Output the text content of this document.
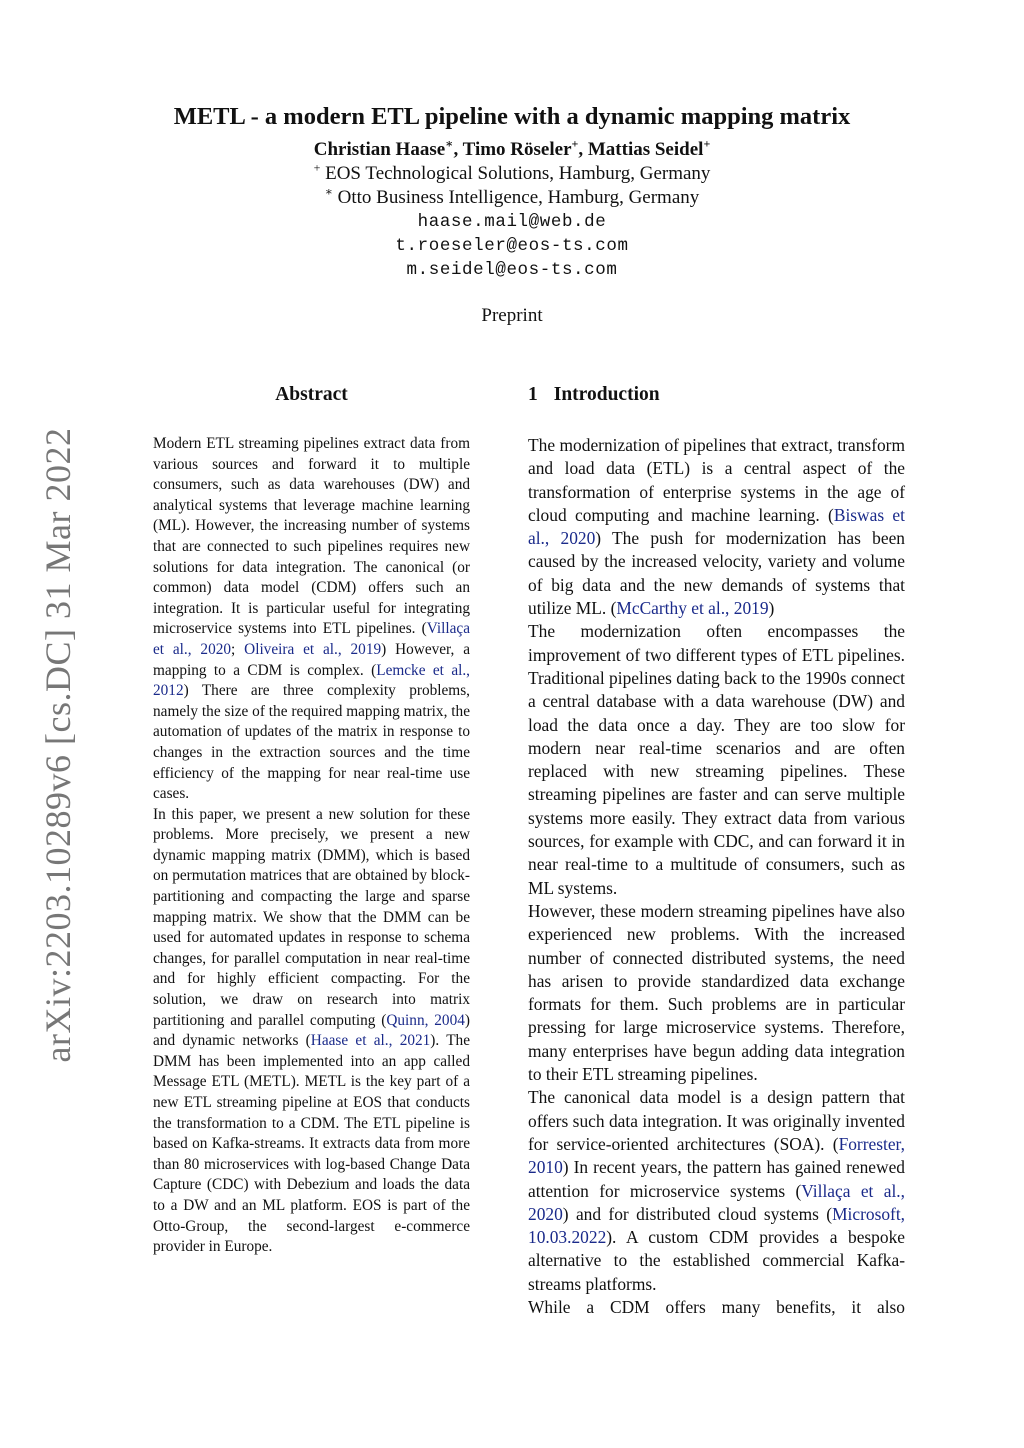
arXiv:2203.10289v6 [cs.DC] 31 Mar 2022
METL - a modern ETL pipeline with a dynamic mapping matrix
Christian Haase∗, Timo Röseler+, Mattias Seidel+
+ EOS Technological Solutions, Hamburg, Germany
∗ Otto Business Intelligence, Hamburg, Germany
haase.mail@web.de
t.roeseler@eos-ts.com
m.seidel@eos-ts.com
Preprint
Abstract

Modern ETL streaming pipelines extract data from various sources and forward it to multiple consumers, such as data warehouses (DW) and analytical systems that leverage machine learning (ML). However, the increasing number of systems that are connected to such pipelines requires new solutions for data integration. The canonical (or common) data model (CDM) offers such an integration. It is particular useful for integrating microservice systems into ETL pipelines. (Villaça et al., 2020; Oliveira et al., 2019) However, a mapping to a CDM is complex. (Lemcke et al., 2012) There are three complexity problems, namely the size of the required mapping matrix, the automation of updates of the matrix in response to changes in the extraction sources and the time efficiency of the mapping for near real-time use cases.

In this paper, we present a new solution for these problems. More precisely, we present a new dynamic mapping matrix (DMM), which is based on permutation matrices that are obtained by block-partitioning and compacting the large and sparse mapping matrix. We show that the DMM can be used for automated updates in response to schema changes, for parallel computation in near real-time and for highly efficient compacting. For the solution, we draw on research into matrix partitioning and parallel computing (Quinn, 2004) and dynamic networks (Haase et al., 2021). The DMM has been implemented into an app called Message ETL (METL). METL is the key part of a new ETL streaming pipeline at EOS that conducts the transformation to a CDM. The ETL pipeline is based on Kafka-streams. It extracts data from more than 80 microservices with log-based Change Data Capture (CDC) with Debezium and loads the data to a DW and an ML platform. EOS is part of the Otto-Group, the second-largest e-commerce provider in Europe.

1 Introduction

The modernization of pipelines that extract, transform and load data (ETL) is a central aspect of the transformation of enterprise systems in the age of cloud computing and machine learning. (Biswas et al., 2020) The push for modernization has been caused by the increased velocity, variety and volume of big data and the new demands of systems that utilize ML. (McCarthy et al., 2019)

The modernization often encompasses the improvement of two different types of ETL pipelines. Traditional pipelines dating back to the 1990s connect a central database with a data warehouse (DW) and load the data once a day. They are too slow for modern near real-time scenarios and are often replaced with new streaming pipelines. These streaming pipelines are faster and can serve multiple systems more easily. They extract data from various sources, for example with CDC, and can forward it in near real-time to a multitude of consumers, such as ML systems.

However, these modern streaming pipelines have also experienced new problems. With the increased number of connected distributed systems, the need has arisen to provide standardized data exchange formats for them. Such problems are in particular pressing for large microservice systems. Therefore, many enterprises have begun adding data integration to their ETL streaming pipelines.

The canonical data model is a design pattern that offers such data integration. It was originally invented for service-oriented architectures (SOA). (Forrester, 2010) In recent years, the pattern has gained renewed attention for microservice systems (Villaça et al., 2020) and for distributed cloud systems (Microsoft, 10.03.2022). A custom CDM provides a bespoke alternative to the established commercial Kafka-streams platforms.

While a CDM offers many benefits, it also
